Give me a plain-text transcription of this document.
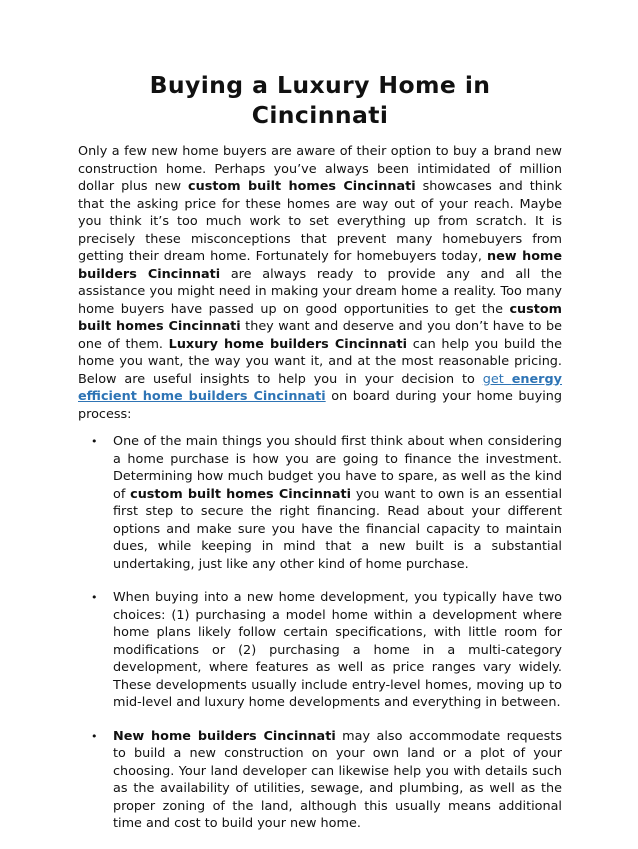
Buying a Luxury Home in Cincinnati

Only a few new home buyers are aware of their option to buy a brand new construction home. Perhaps you’ve always been intimidated of million dollar plus new custom built homes Cincinnati showcases and think that the asking price for these homes are way out of your reach. Maybe you think it’s too much work to set everything up from scratch. It is precisely these misconceptions that prevent many homebuyers from getting their dream home. Fortunately for homebuyers today, new home builders Cincinnati are always ready to provide any and all the assistance you might need in making your dream home a reality. Too many home buyers have passed up on good opportunities to get the custom built homes Cincinnati they want and deserve and you don’t have to be one of them. Luxury home builders Cincinnati can help you build the home you want, the way you want it, and at the most reasonable pricing. Below are useful insights to help you in your decision to get energy efficient home builders Cincinnati on board during your home buying process:

• One of the main things you should first think about when considering a home purchase is how you are going to finance the investment. Determining how much budget you have to spare, as well as the kind of custom built homes Cincinnati you want to own is an essential first step to secure the right financing. Read about your different options and make sure you have the financial capacity to maintain dues, while keeping in mind that a new built is a substantial undertaking, just like any other kind of home purchase.
• When buying into a new home development, you typically have two choices: (1) purchasing a model home within a development where home plans likely follow certain specifications, with little room for modifications or (2) purchasing a home in a multi-category development, where features as well as price ranges vary widely. These developments usually include entry-level homes, moving up to mid-level and luxury home developments and everything in between.
• New home builders Cincinnati may also accommodate requests to build a new construction on your own land or a plot of your choosing. Your land developer can likewise help you with details such as the availability of utilities, sewage, and plumbing, as well as the proper zoning of the land, although this usually means additional time and cost to build your new home.
